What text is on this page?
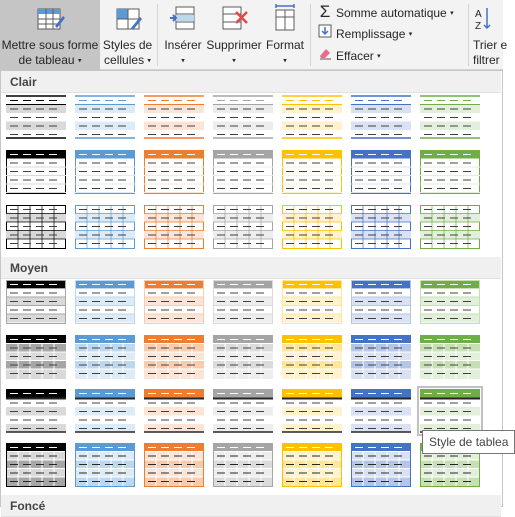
Mettre sous forme
de tableau ▾
Styles de
cellules ▾
Insérer
▾
Supprimer
▾
Format
▾
Σ Somme automatique ▾
Remplissage ▾
Effacer ▾
A
Z
Trier e
filtrer
Clair
Moyen
Foncé
Style de tablea
